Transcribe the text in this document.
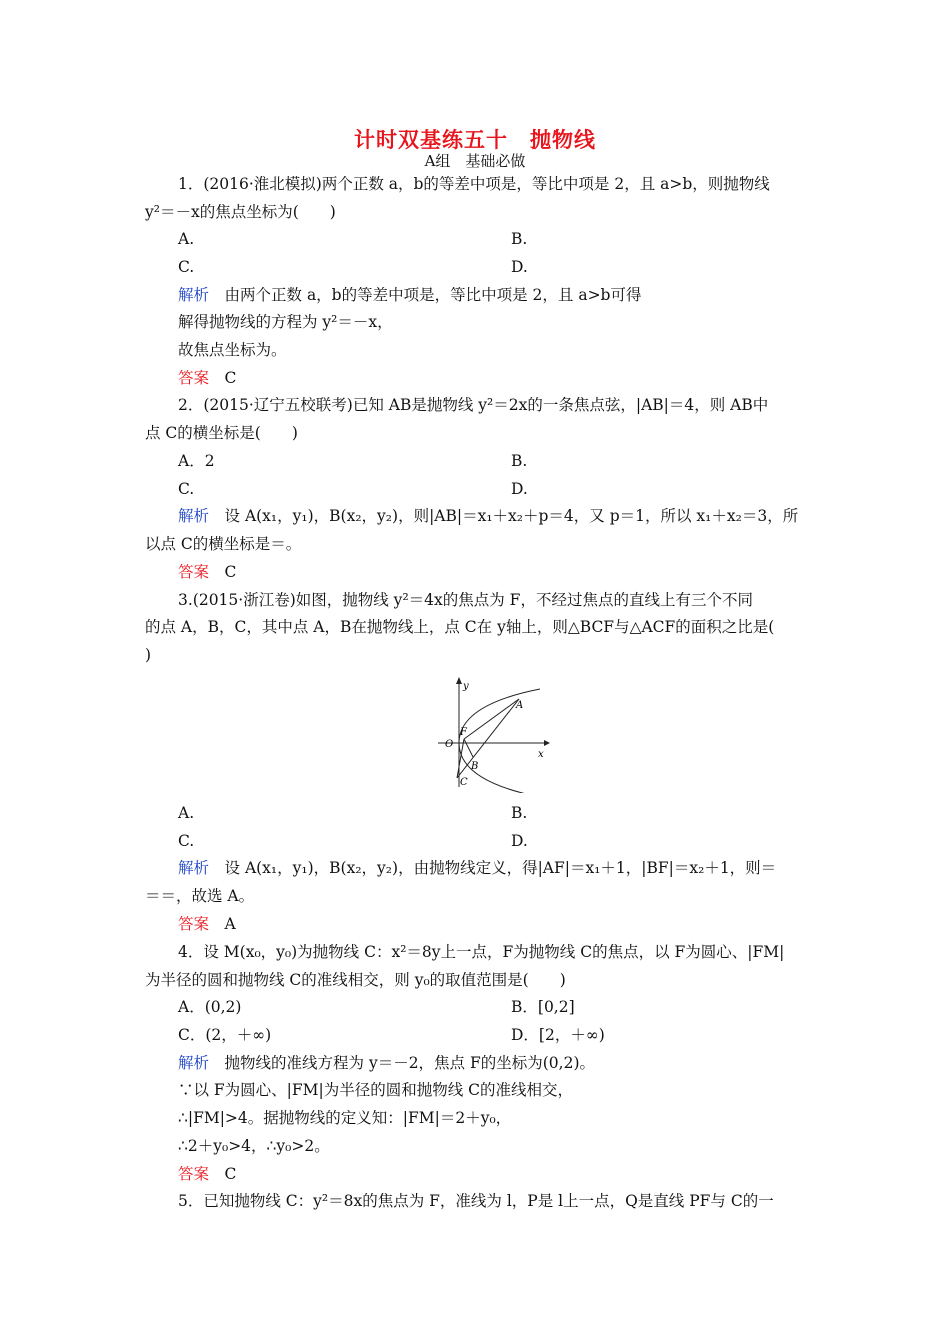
计时双基练五十　抛物线
A组　基础必做
1．(2016·淮北模拟)两个正数 a，b的等差中项是，等比中项是 2，且 a>b，则抛物线
y²＝－x的焦点坐标为(　　)
A.	B.
C.	D.
解析　由两个正数 a，b的等差中项是，等比中项是 2，且 a>b可得
解得抛物线的方程为 y²＝－x，
故焦点坐标为。
答案　C
2．(2015·辽宁五校联考)已知 AB是抛物线 y²＝2x的一条焦点弦，|AB|＝4，则 AB中
点 C的横坐标是(　　)
A．2	B.
C.	D.
解析　设 A(x₁，y₁)，B(x₂，y₂)，则|AB|＝x₁＋x₂＋p＝4，又 p＝1，所以 x₁＋x₂＝3，所
以点 C的横坐标是＝。
答案　C
3.(2015·浙江卷)如图，抛物线 y²＝4x的焦点为 F，不经过焦点的直线上有三个不同
的点 A，B，C，其中点 A，B在抛物线上，点 C在 y轴上，则△BCF与△ACF的面积之比是(
)
y
x
A
F
O
B
C
A.	B.
C.	D.
解析　设 A(x₁，y₁)，B(x₂，y₂)，由抛物线定义，得|AF|＝x₁＋1，|BF|＝x₂＋1，则＝
＝＝，故选 A。
答案　A
4．设 M(x₀，y₀)为抛物线 C：x²＝8y上一点，F为抛物线 C的焦点，以 F为圆心、|FM|
为半径的圆和抛物线 C的准线相交，则 y₀的取值范围是(　　)
A．(0,2)	B．[0,2]
C．(2，＋∞)	D．[2，＋∞)
解析　抛物线的准线方程为 y＝－2，焦点 F的坐标为(0,2)。
∵以 F为圆心、|FM|为半径的圆和抛物线 C的准线相交，
∴|FM|>4。据抛物线的定义知：|FM|＝2＋y₀，
∴2＋y₀>4，∴y₀>2。
答案　C
5．已知抛物线 C：y²＝8x的焦点为 F，准线为 l，P是 l上一点，Q是直线 PF与 C的一
